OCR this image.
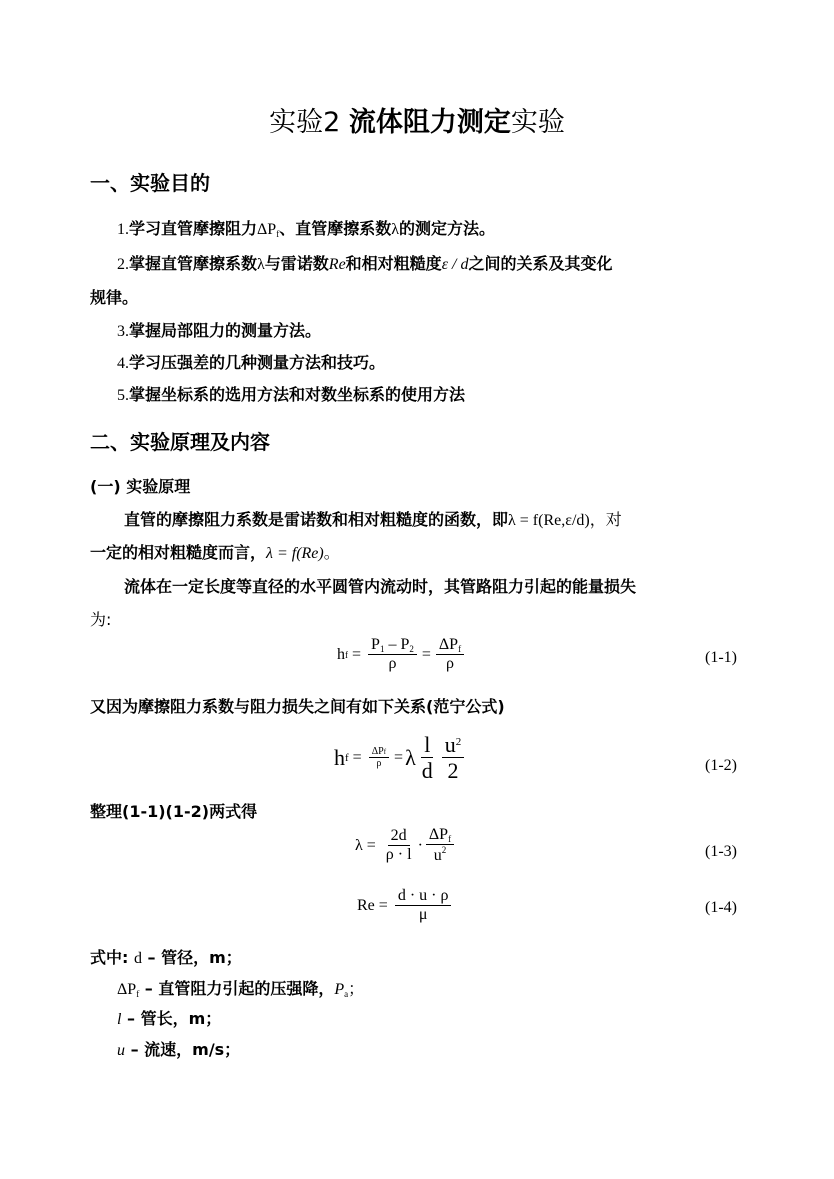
实验2 流体阻力测定实验
一、实验目的
1.学习直管摩擦阻力$\Delta P_f$、直管摩擦系数λ的测定方法。
2.掌握直管摩擦系数λ与雷诺数Re和相对粗糙度ε / d之间的关系及其变化
规律。
3.掌握局部阻力的测量方法。
4.学习压强差的几种测量方法和技巧。
5.掌握坐标系的选用方法和对数坐标系的使用方法
二、实验原理及内容
(一) 实验原理
直管的摩擦阻力系数是雷诺数和相对粗糙度的函数，即λ = f(Re,ε/d)，对
一定的相对粗糙度而言，λ = f(Re)。
流体在一定长度等直径的水平圆管内流动时，其管路阻力引起的能量损失
为:
h $f = \frac{P_1 - P_2}{\rho} = \frac{\Delta P_f}{\rho}$	(1-1)
又因为摩擦阻力系数与阻力损失之间有如下关系(范宁公式)
h $f = \frac{\text{ΔPf}}{\rho} = \lambda \frac{l}{d} \frac{u^2}{2}$	(1-2)
整理(1-1)(1-2)两式得
$\lambda = \frac{2d}{\rho \cdot l} \cdot \frac{\Delta P_f}{u^2}$	(1-3)
$Re = \frac{d \cdot u \cdot \rho}{\mu}$	(1-4)
式中: d – 管径，m；
$\Delta P_f$ – 直管阻力引起的压强降，$P_a$；
l – 管长，m；
u – 流速，m/s；
